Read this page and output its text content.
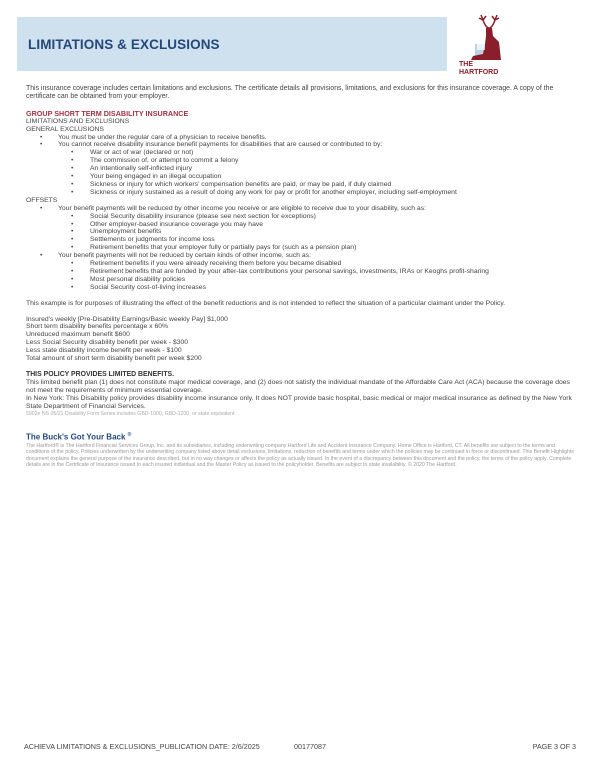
LIMITATIONS & EXCLUSIONS
THE
HARTFORD

This insurance coverage includes certain limitations and exclusions. The certificate details all provisions, limitations, and exclusions for this insurance coverage. A copy of the certificate can be obtained from your employer.

GROUP SHORT TERM DISABILITY INSURANCE
LIMITATIONS AND EXCLUSIONS
GENERAL EXCLUSIONS
• You must be under the regular care of a physician to receive benefits.
• You cannot receive disability insurance benefit payments for disabilities that are caused or contributed to by:
• War or act of war (declared or not)
• The commission of, or attempt to commit a felony
• An intentionally self-inflicted injury
• Your being engaged in an illegal occupation
• Sickness or injury for which workers' compensation benefits are paid, or may be paid, if duly claimed
• Sickness or injury sustained as a result of doing any work for pay or profit for another employer, including self-employment
OFFSETS
• Your benefit payments will be reduced by other income you receive or are eligible to receive due to your disability, such as:
• Social Security disability insurance (please see next section for exceptions)
• Other employer-based insurance coverage you may have
• Unemployment benefits
• Settlements or judgments for income loss
• Retirement benefits that your employer fully or partially pays for (such as a pension plan)
• Your benefit payments will not be reduced by certain kinds of other income, such as:
• Retirement benefits if you were already receiving them before you became disabled
• Retirement benefits that are funded by your after-tax contributions your personal savings, investments, IRAs or Keoghs profit-sharing
• Most personal disability policies
• Social Security cost-of-living increases
This example is for purposes of illustrating the effect of the benefit reductions and is not intended to reflect the situation of a particular claimant under the Policy.
Insured's weekly [Pre-Disability Earnings/Basic weekly Pay] $1,000
Short term disability benefits percentage x 60%
Unreduced maximum benefit $600
Less Social Security disability benefit per week - $300
Less state disability income benefit per week - $100
Total amount of short term disability benefit per week $200
THIS POLICY PROVIDES LIMITED BENEFITS.
This limited benefit plan (1) does not constitute major medical coverage, and (2) does not satisfy the individual mandate of the Affordable Care Act (ACA) because the coverage does not meet the requirements of minimum essential coverage.
In New York: This Disability policy provides disability income insurance only. It does NOT provide basic hospital, basic medical or major medical insurance as defined by the New York State Department of Financial Services.
5902e NS 05/21 Disability Form Series includes GBD-1000, GBD-1200, or state equivalent
The Buck's Got Your Back ®
The Hartford® is The Hartford Financial Services Group, Inc. and its subsidiaries, including underwriting company Hartford Life and Accident Insurance Company. Home Office is Hartford, CT. All benefits are subject to the terms and conditions of the policy. Policies underwritten by the underwriting company listed above detail exclusions, limitations, reduction of benefits and terms under which the policies may be continued in force or discontinued. This Benefit Highlights document explains the general purpose of the insurance described, but in no way changes or affects the policy as actually issued. In the event of a discrepancy between this document and the policy, the terms of the policy apply. Complete details are in the Certificate of Insurance issued to each insured individual and the Master Policy as issued to the policyholder. Benefits are subject to state availability. © 2020 The Hartford.
ACHIEVA LIMITATIONS & EXCLUSIONS_PUBLICATION DATE: 2/6/2025	00177087	PAGE 3 OF 3
